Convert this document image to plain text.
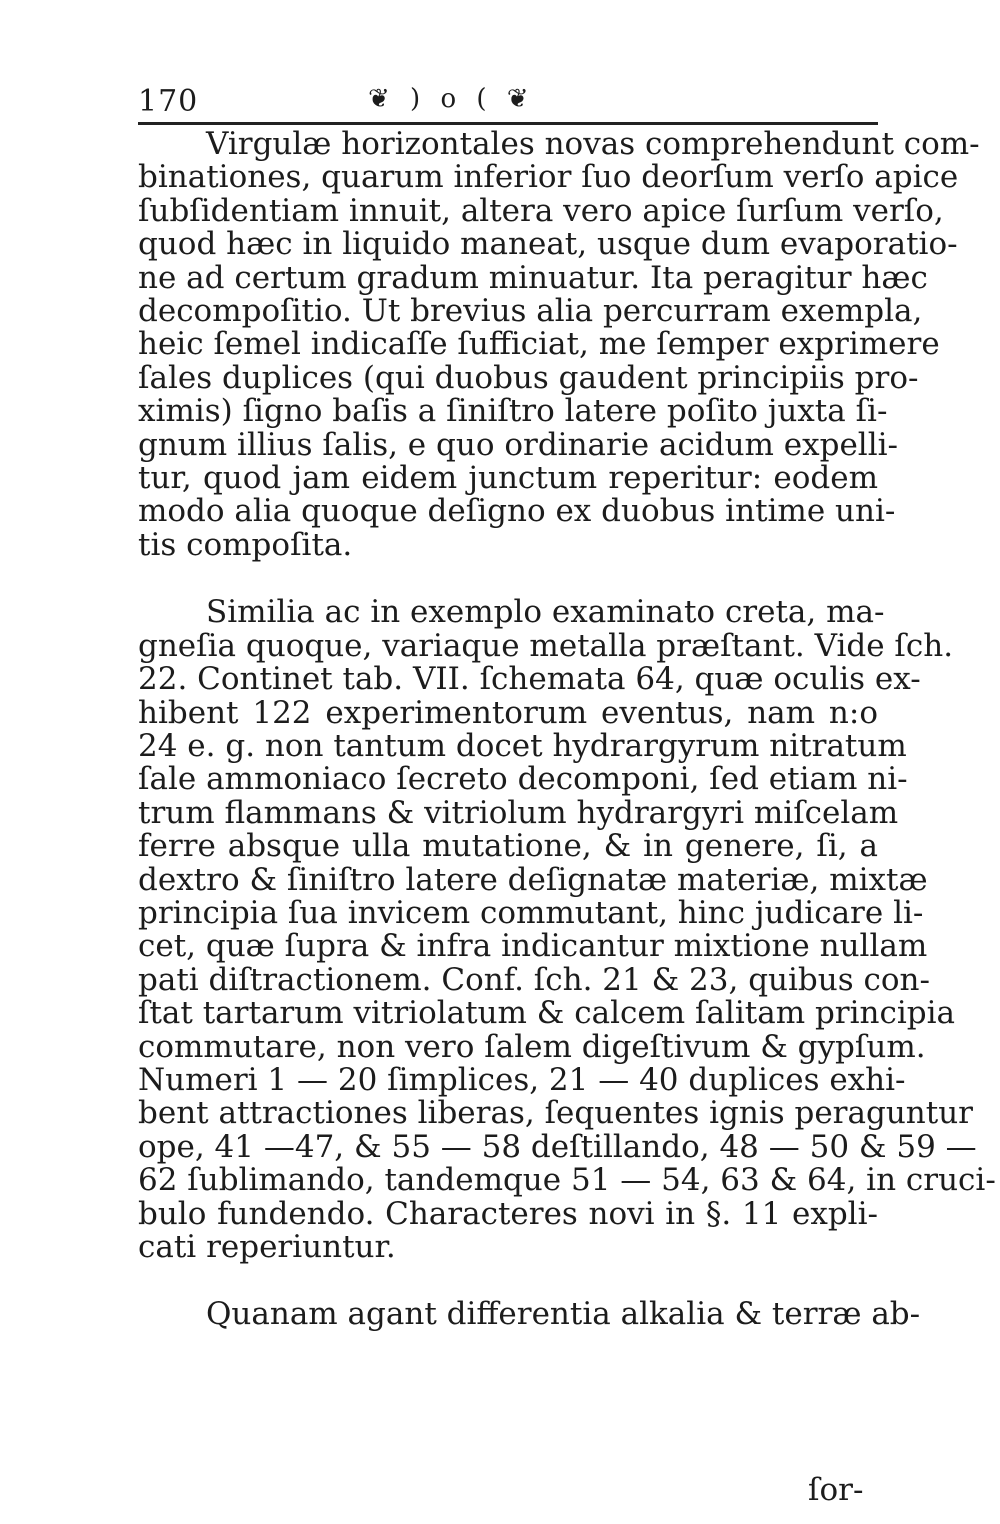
170	❦ ) o ( ❦
Virgulæ horizontales novas comprehendunt com-
binationes, quarum inferior ſuo deorſum verſo apice
ſubſidentiam innuit, altera vero apice ſurſum verſo,
quod hæc in liquido maneat, usque dum evaporatio-
ne ad certum gradum minuatur. Ita peragitur hæc
decompoſitio. Ut brevius alia percurram exempla,
heic ſemel indicaſſe ſufficiat, me ſemper exprimere
ſales duplices (qui duobus gaudent principiis pro-
ximis) ſigno baſis a ſiniſtro latere poſito juxta ſi-
gnum illius ſalis, e quo ordinarie acidum expelli-
tur, quod jam eidem junctum reperitur: eodem
modo alia quoque deſigno ex duobus intime uni-
tis compoſita.
Similia ac in exemplo examinato creta, ma-
gneſia quoque, variaque metalla præſtant. Vide ſch.
22. Continet tab. VII. ſchemata 64, quæ oculis ex-
hibent 122 experimentorum eventus, nam n:o
24 e. g. non tantum docet hydrargyrum nitratum
ſale ammoniaco ſecreto decomponi, ſed etiam ni-
trum flammans & vitriolum hydrargyri miſcelam
ferre absque ulla mutatione, & in genere, ſi, a
dextro & ſiniſtro latere deſignatæ materiæ, mixtæ
principia ſua invicem commutant, hinc judicare li-
cet, quæ ſupra & infra indicantur mixtione nullam
pati diſtractionem. Conf. ſch. 21 & 23, quibus con-
ſtat tartarum vitriolatum & calcem ſalitam principia
commutare, non vero ſalem digeſtivum & gypſum.
Numeri 1 — 20 ſimplices, 21 — 40 duplices exhi-
bent attractiones liberas, ſequentes ignis peraguntur
ope, 41 —47, & 55 — 58 deſtillando, 48 — 50 & 59 —
62 ſublimando, tandemque 51 — 54, 63 & 64, in cruci-
bulo fundendo. Characteres novi in §. 11 expli-
cati reperiuntur.
Quanam agant differentia alkalia & terræ ab-
ſor-
